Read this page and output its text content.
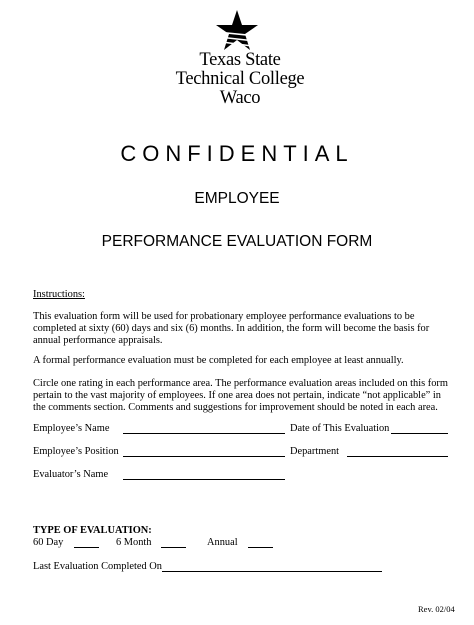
Texas State
Technical College
Waco
CONFIDENTIAL
EMPLOYEE
PERFORMANCE EVALUATION FORM
Instructions:
This evaluation form will be used for probationary employee performance evaluations to be completed at sixty (60) days and six (6) months. In addition, the form will become the basis for annual performance appraisals.
A formal performance evaluation must be completed for each employee at least annually.
Circle one rating in each performance area. The performance evaluation areas included on this form pertain to the vast majority of employees. If one area does not pertain, indicate “not applicable” in the comments section. Comments and suggestions for improvement should be noted in each area.
Employee’s Name	Date of This Evaluation
Employee’s Position	Department
Evaluator’s Name
TYPE OF EVALUATION:
60 Day	6 Month	Annual
Last Evaluation Completed On
Rev. 02/04
